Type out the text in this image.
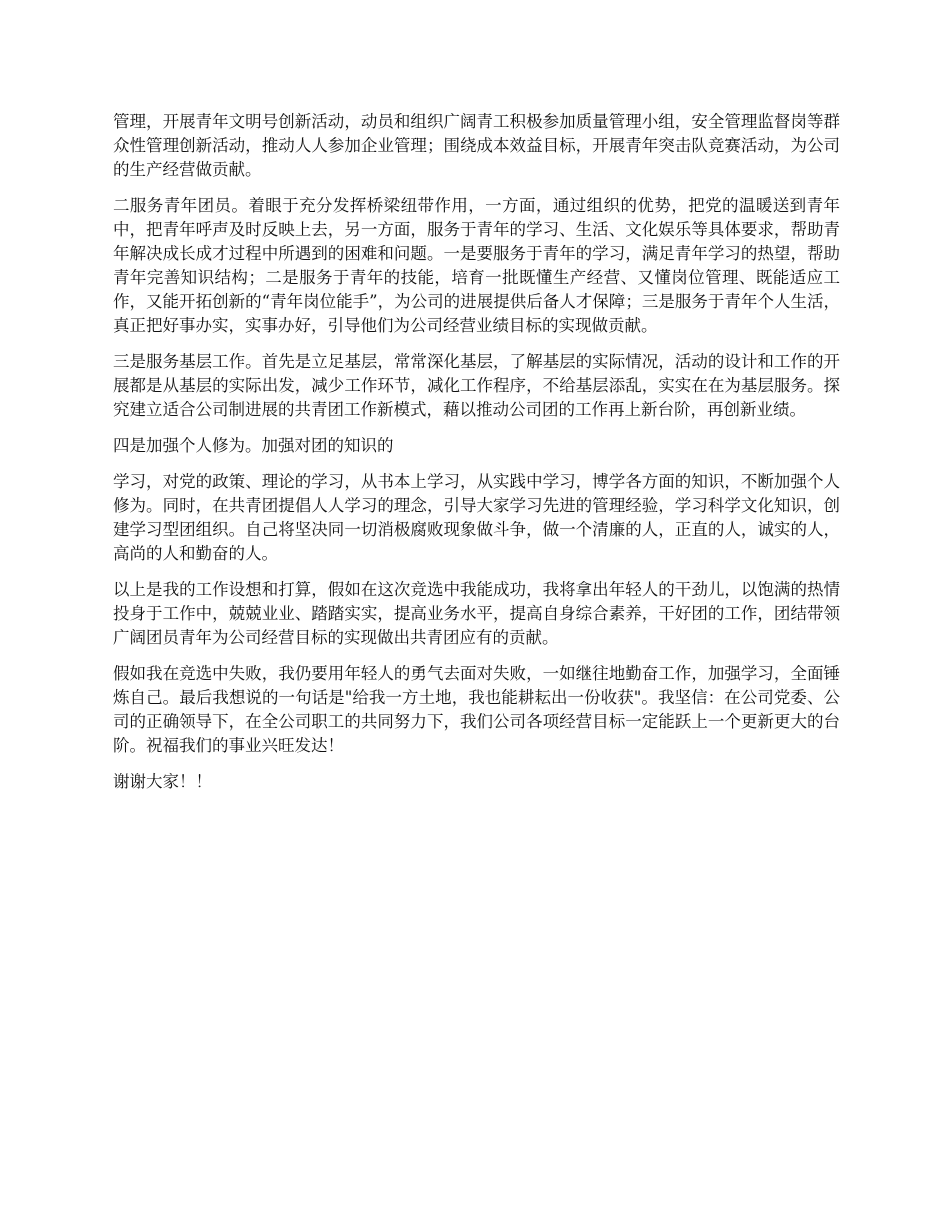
管理，开展青年文明号创新活动，动员和组织广阔青工积极参加质量管理小组，安全管理监督岗等群众性管理创新活动，推动人人参加企业管理；围绕成本效益目标，开展青年突击队竞赛活动，为公司的生产经营做贡献。

二服务青年团员。着眼于充分发挥桥梁纽带作用，一方面，通过组织的优势，把党的温暖送到青年中，把青年呼声及时反映上去，另一方面，服务于青年的学习、生活、文化娱乐等具体要求，帮助青年解决成长成才过程中所遇到的困难和问题。一是要服务于青年的学习，满足青年学习的热望，帮助青年完善知识结构；二是服务于青年的技能，培育一批既懂生产经营、又懂岗位管理、既能适应工作，又能开拓创新的“青年岗位能手”，为公司的进展提供后备人才保障；三是服务于青年个人生活，真正把好事办实，实事办好，引导他们为公司经营业绩目标的实现做贡献。

三是服务基层工作。首先是立足基层，常常深化基层，了解基层的实际情况，活动的设计和工作的开展都是从基层的实际出发，减少工作环节，减化工作程序，不给基层添乱，实实在在为基层服务。探究建立适合公司制进展的共青团工作新模式，藉以推动公司团的工作再上新台阶，再创新业绩。

四是加强个人修为。加强对团的知识的

学习，对党的政策、理论的学习，从书本上学习，从实践中学习，博学各方面的知识，不断加强个人修为。同时，在共青团提倡人人学习的理念，引导大家学习先进的管理经验，学习科学文化知识，创建学习型团组织。自己将坚决同一切消极腐败现象做斗争，做一个清廉的人，正直的人，诚实的人，高尚的人和勤奋的人。

以上是我的工作设想和打算，假如在这次竞选中我能成功，我将拿出年轻人的干劲儿，以饱满的热情投身于工作中，兢兢业业、踏踏实实，提高业务水平，提高自身综合素养，干好团的工作，团结带领广阔团员青年为公司经营目标的实现做出共青团应有的贡献。

假如我在竞选中失败，我仍要用年轻人的勇气去面对失败，一如继往地勤奋工作，加强学习，全面锤炼自己。最后我想说的一句话是"给我一方土地，我也能耕耘出一份收获"。我坚信：在公司党委、公司的正确领导下，在全公司职工的共同努力下，我们公司各项经营目标一定能跃上一个更新更大的台阶。祝福我们的事业兴旺发达！

谢谢大家！！
